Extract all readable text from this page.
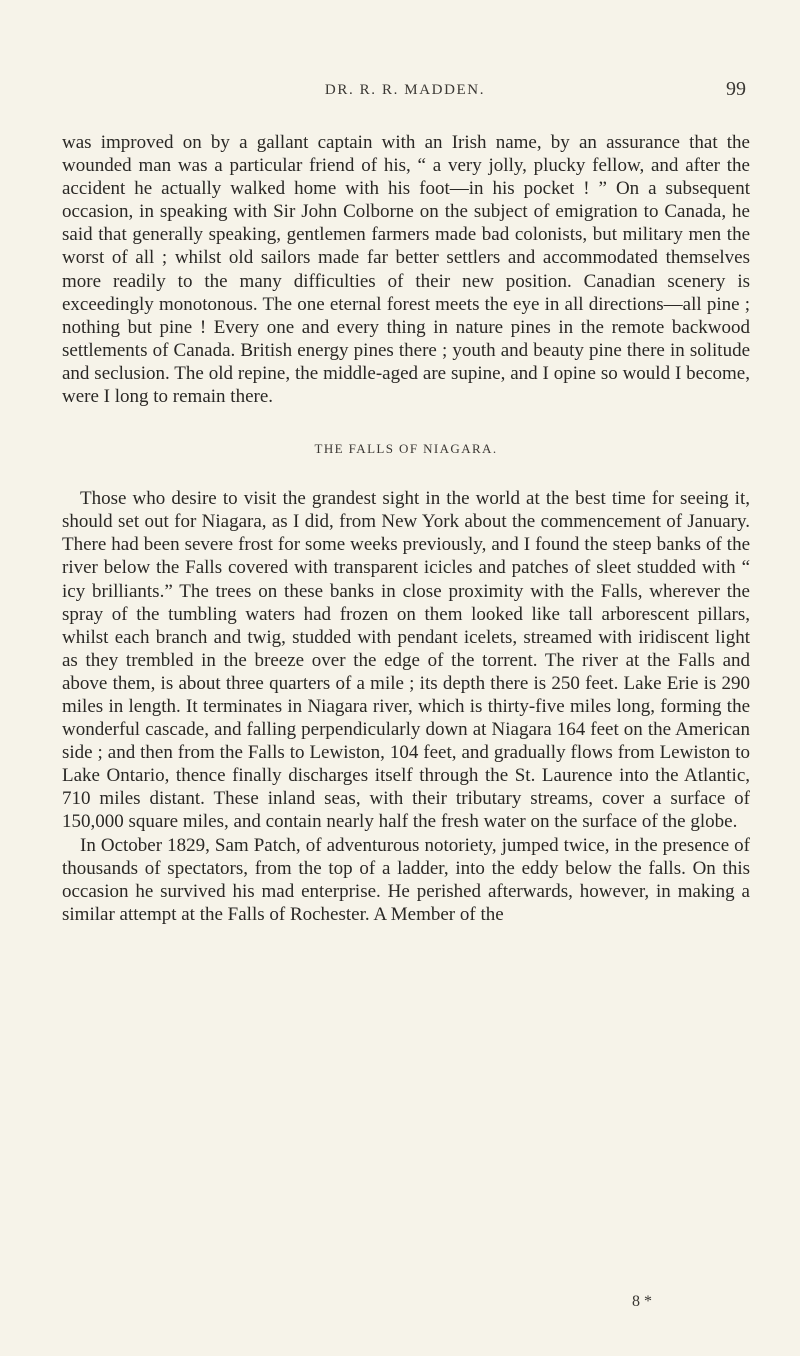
DR. R. R. MADDEN.	99

was improved on by a gallant captain with an Irish name, by an assurance that the wounded man was a particular friend of his, “ a very jolly, plucky fellow, and after the accident he actually walked home with his foot—in his pocket ! ” On a subsequent occasion, in speaking with Sir John Colborne on the subject of emigration to Canada, he said that generally speaking, gentlemen farmers made bad colonists, but military men the worst of all ; whilst old sailors made far better settlers and accommodated themselves more readily to the many difficulties of their new position. Canadian scenery is exceedingly monotonous. The one eternal forest meets the eye in all directions—all pine ; nothing but pine ! Every one and every thing in nature pines in the remote backwood settlements of Canada. British energy pines there ; youth and beauty pine there in solitude and seclusion. The old repine, the middle-aged are supine, and I opine so would I become, were I long to remain there.

THE FALLS OF NIAGARA.

Those who desire to visit the grandest sight in the world at the best time for seeing it, should set out for Niagara, as I did, from New York about the commencement of January. There had been severe frost for some weeks previously, and I found the steep banks of the river below the Falls covered with transparent icicles and patches of sleet studded with “ icy brilliants.” The trees on these banks in close proximity with the Falls, wherever the spray of the tumbling waters had frozen on them looked like tall arborescent pillars, whilst each branch and twig, studded with pendant icelets, streamed with iridiscent light as they trembled in the breeze over the edge of the torrent. The river at the Falls and above them, is about three quarters of a mile ; its depth there is 250 feet. Lake Erie is 290 miles in length. It terminates in Niagara river, which is thirty-five miles long, forming the wonderful cascade, and falling perpendicularly down at Niagara 164 feet on the American side ; and then from the Falls to Lewiston, 104 feet, and gradually flows from Lewiston to Lake Ontario, thence finally discharges itself through the St. Laurence into the Atlantic, 710 miles distant. These inland seas, with their tributary streams, cover a surface of 150,000 square miles, and contain nearly half the fresh water on the surface of the globe.

In October 1829, Sam Patch, of adventurous notoriety, jumped twice, in the presence of thousands of spectators, from the top of a ladder, into the eddy below the falls. On this occasion he survived his mad enterprise. He perished afterwards, however, in making a similar attempt at the Falls of Rochester. A Member of the

8 *
